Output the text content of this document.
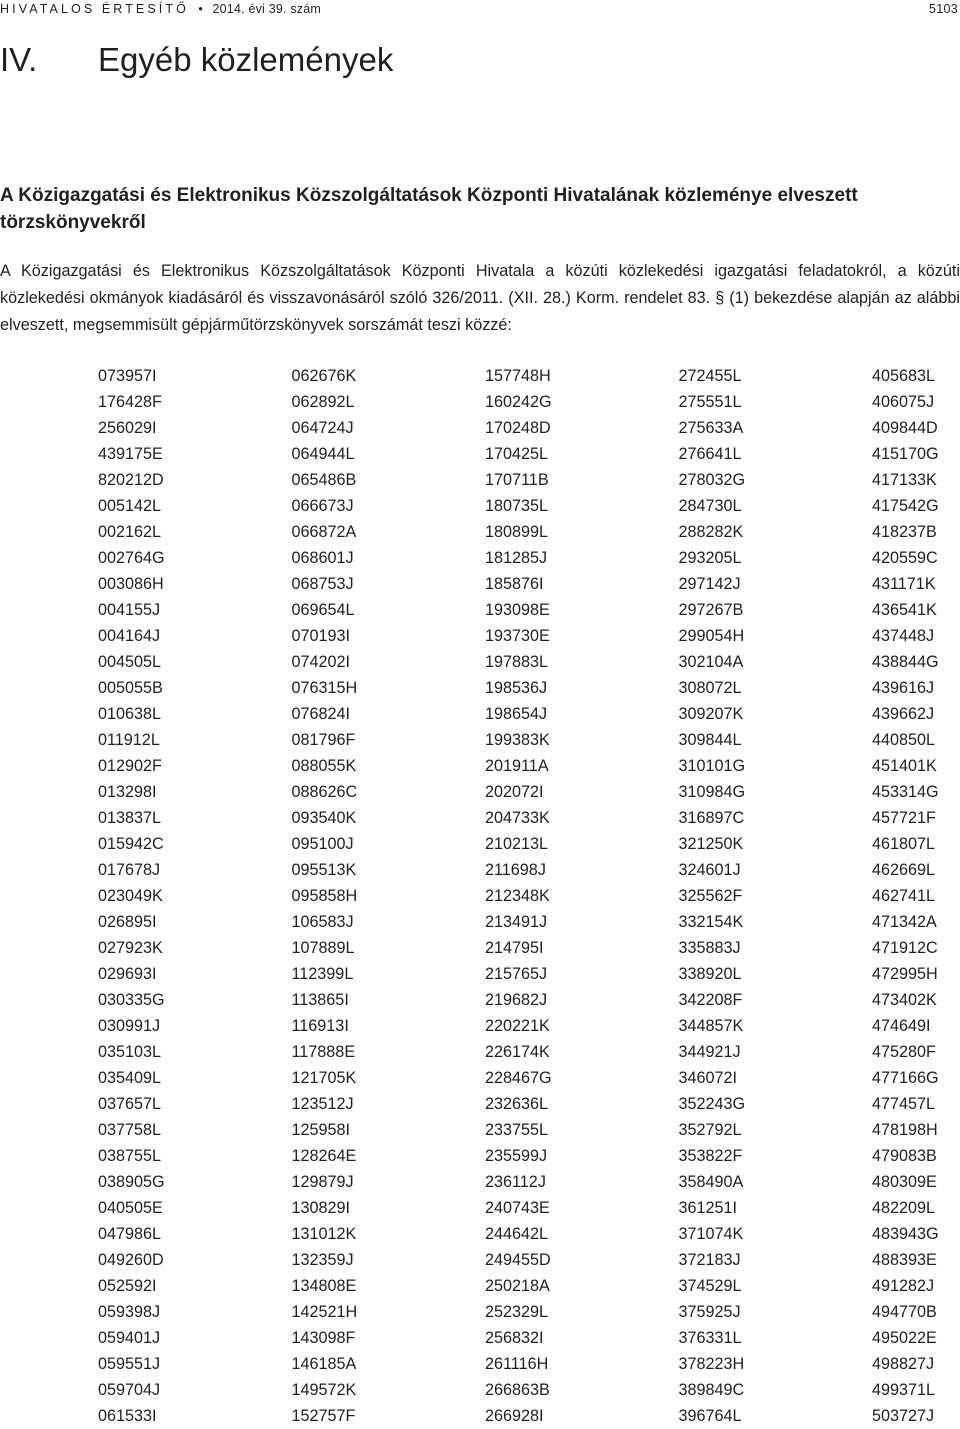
HIVATALOS ÉRTESÍTŐ • 2014. évi 39. szám	5103
IV. Egyéb közlemények
A Közigazgatási és Elektronikus Közszolgáltatások Központi Hivatalának közleménye elveszett törzskönyvekről

A Közigazgatási és Elektronikus Közszolgáltatások Központi Hivatala a közúti közlekedési igazgatási feladatokról, a közúti közlekedési okmányok kiadásáról és visszavonásáról szóló 326/2011. (XII. 28.) Korm. rendelet 83. § (1) bekezdése alapján az alábbi elveszett, megsemmisült gépjárműtörzskönyvek sorszámát teszi közzé:

073957I
176428F
256029I
439175E
820212D
005142L
002162L
002764G
003086H
004155J
004164J
004505L
005055B
010638L
011912L
012902F
013298I
013837L
015942C
017678J
023049K
026895I
027923K
029693I
030335G
030991J
035103L
035409L
037657L
037758L
038755L
038905G
040505E
047986L
049260D
052592I
059398J
059401J
059551J
059704J
061533I
062676K
062892L
064724J
064944L
065486B
066673J
066872A
068601J
068753J
069654L
070193I
074202I
076315H
076824I
081796F
088055K
088626C
093540K
095100J
095513K
095858H
106583J
107889L
112399L
113865I
116913I
117888E
121705K
123512J
125958I
128264E
129879J
130829I
131012K
132359J
134808E
142521H
143098F
146185A
149572K
152757F
157748H
160242G
170248D
170425L
170711B
180735L
180899L
181285J
185876I
193098E
193730E
197883L
198536J
198654J
199383K
201911A
202072I
204733K
210213L
211698J
212348K
213491J
214795I
215765J
219682J
220221K
226174K
228467G
232636L
233755L
235599J
236112J
240743E
244642L
249455D
250218A
252329L
256832I
261116H
266863B
266928I
272455L
275551L
275633A
276641L
278032G
284730L
288282K
293205L
297142J
297267B
299054H
302104A
308072L
309207K
309844L
310101G
310984G
316897C
321250K
324601J
325562F
332154K
335883J
338920L
342208F
344857K
344921J
346072I
352243G
352792L
353822F
358490A
361251I
371074K
372183J
374529L
375925J
376331L
378223H
389849C
396764L
405683L
406075J
409844D
415170G
417133K
417542G
418237B
420559C
431171K
436541K
437448J
438844G
439616J
439662J
440850L
451401K
453314G
457721F
461807L
462669L
462741L
471342A
471912C
472995H
473402K
474649I
475280F
477166G
477457L
478198H
479083B
480309E
482209L
483943G
488393E
491282J
494770B
495022E
498827J
499371L
503727J
